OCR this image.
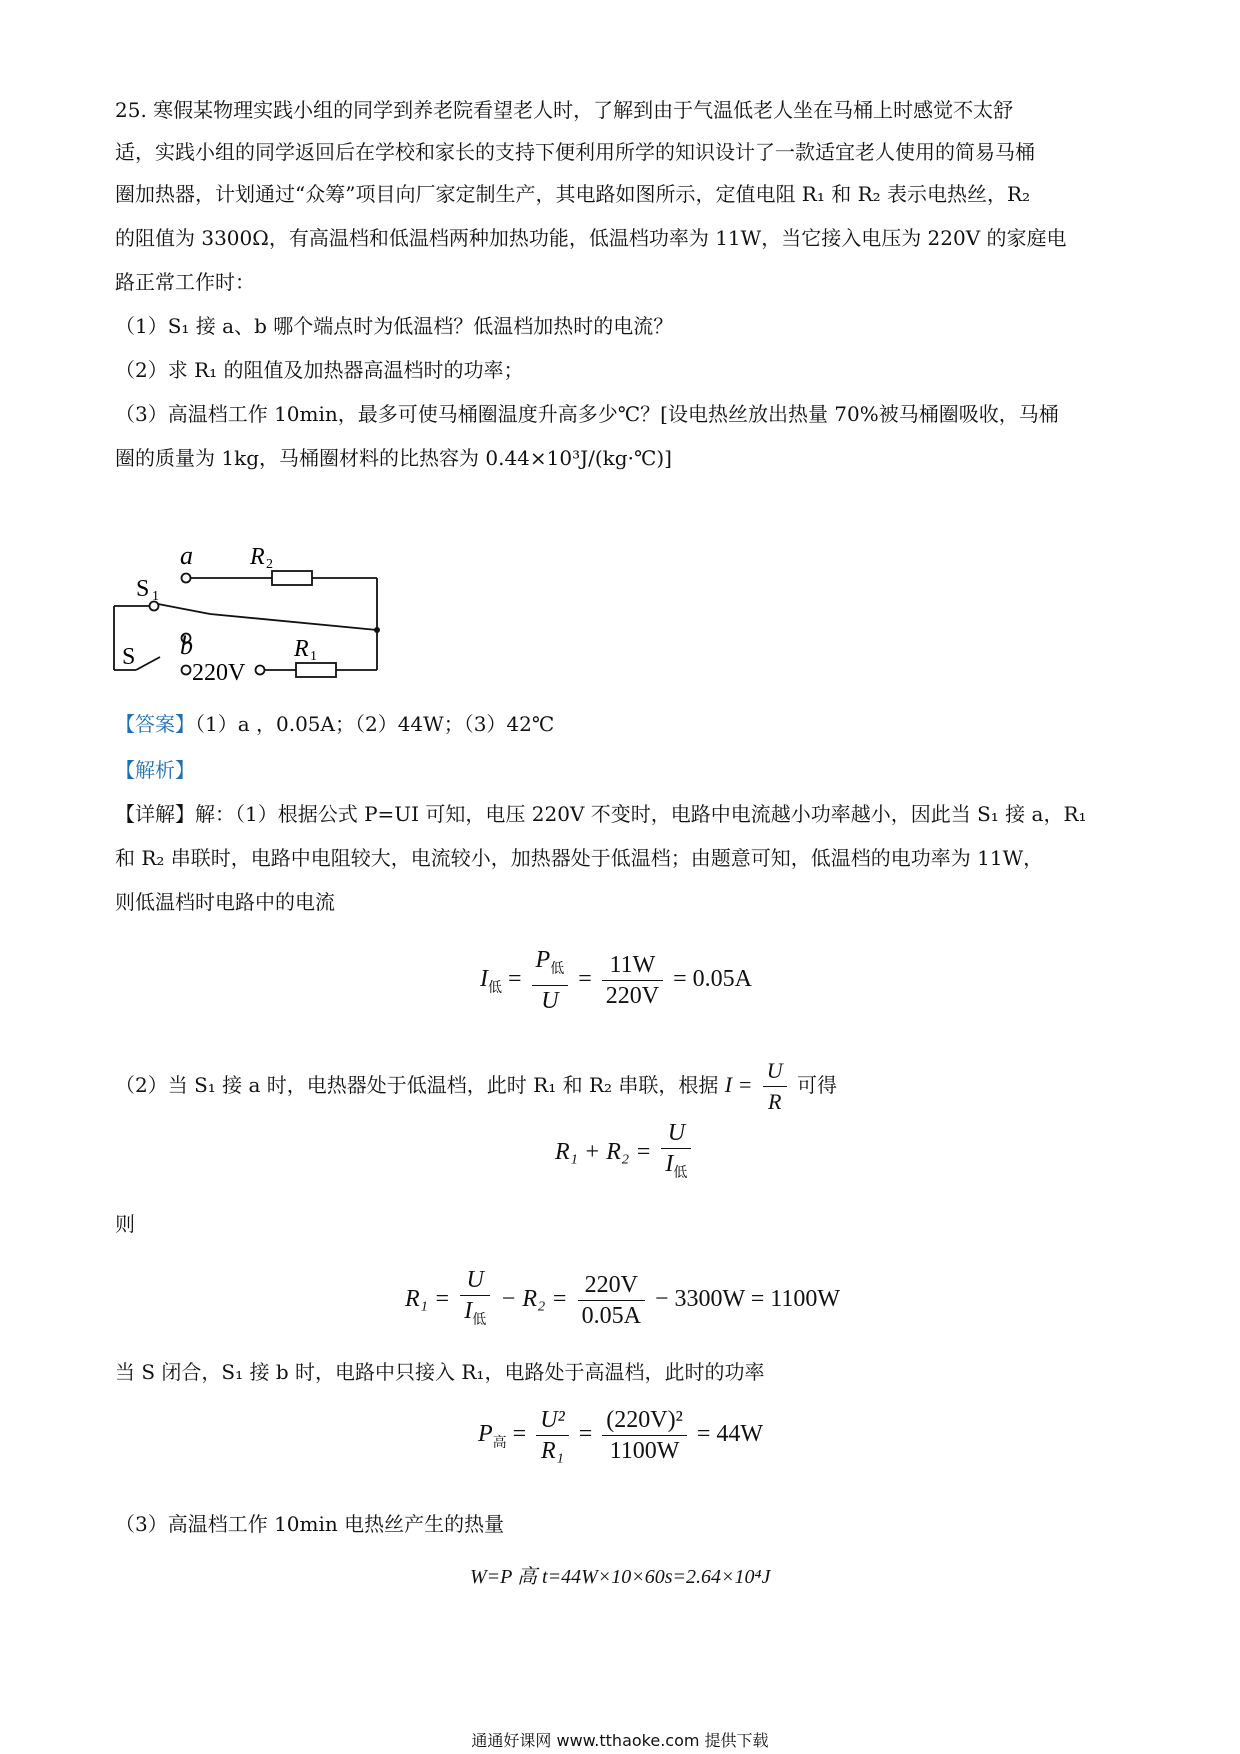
25. 寒假某物理实践小组的同学到养老院看望老人时，了解到由于气温低老人坐在马桶上时感觉不太舒
适，实践小组的同学返回后在学校和家长的支持下便利用所学的知识设计了一款适宜老人使用的简易马桶
圈加热器，计划通过“众筹”项目向厂家定制生产，其电路如图所示，定值电阻 R₁ 和 R₂ 表示电热丝，R₂
的阻值为 3300Ω，有高温档和低温档两种加热功能，低温档功率为 11W，当它接入电压为 220V 的家庭电
路正常工作时：
（1）S₁ 接 a、b 哪个端点时为低温档？低温档加热时的电流？
（2）求 R₁ 的阻值及加热器高温档时的功率；
（3）高温档工作 10min，最多可使马桶圈温度升高多少℃？[设电热丝放出热量 70%被马桶圈吸收，马桶
圈的质量为 1kg，马桶圈材料的比热容为 0.44×10³J/(kg·℃)]
a
b
R 2
R 1
S 1
S
220V
【答案】（1）a ，0.05A；（2）44W；（3）42℃
【解析】
【详解】解：（1）根据公式 P=UI 可知，电压 220V 不变时，电路中电流越小功率越小，因此当 S₁ 接 a，R₁
和 R₂ 串联时，电路中电阻较大，电流较小，加热器处于低温档；由题意可知，低温档的电功率为 11W，
则低温档时电路中的电流
$I_低 = \frac{P_低}{U} = \frac{11W}{220V} = 0.05A$
（2）当 S₁ 接 a 时，电热器处于低温档，此时 R₁ 和 R₂ 串联，根据 $I = \frac{U}{R}$ 可得
$R_1 + R_2 = \frac{U}{I_低}$
则
$R_1 = \frac{U}{I_低} - R_2 = \frac{220V}{0.05A} - 3300W = 1100W$
当 S 闭合，S₁ 接 b 时，电路中只接入 R₁，电路处于高温档，此时的功率
$P_高 = \frac{\text{U²}}{\text{R₁}} = \frac{\text{(220V)²}}{1100W} = 44W$
（3）高温档工作 10min 电热丝产生的热量
W=P 高 t=44W×10×60s=2.64×10⁴J
通通好课网 www.tthaoke.com 提供下载
